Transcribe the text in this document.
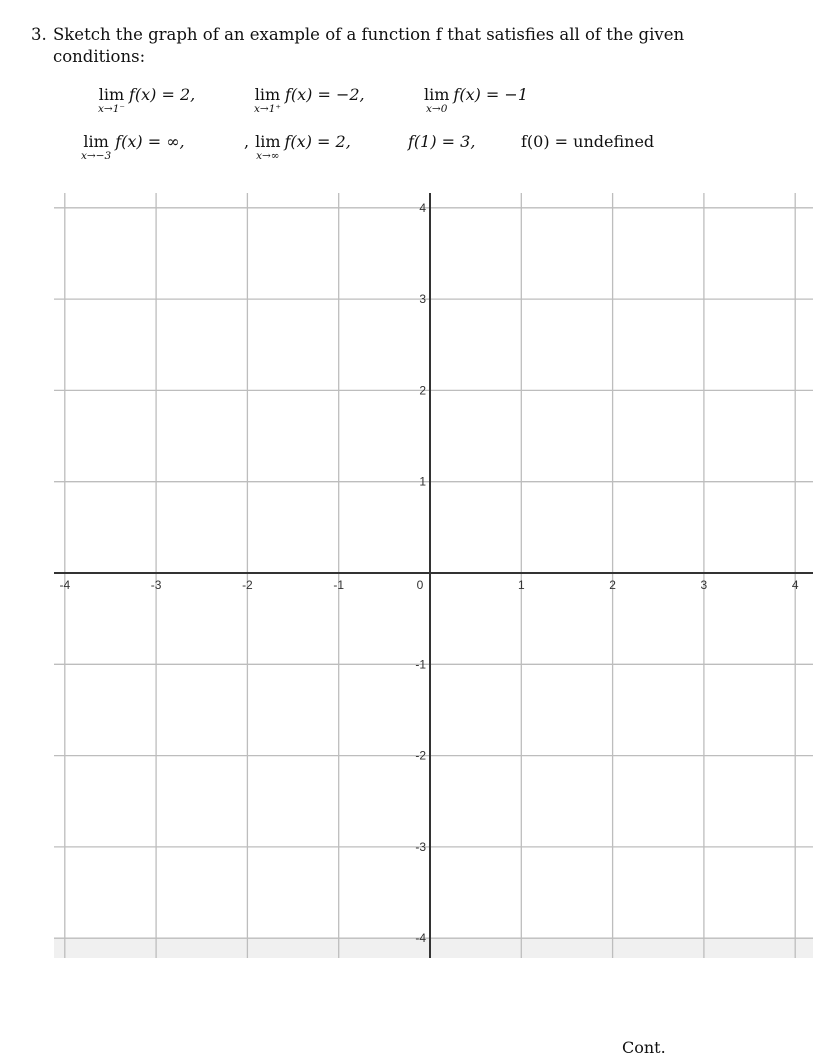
3. Sketch the graph of an example of a function f that satisfies all of the given conditions:
lim
x→1⁻
f(x) = 2,	lim
x→1⁺
f(x) = −2,	lim
x→0
f(x) = −1
lim
x→−3
f(x) = ∞,	, lim
x→∞
f(x) = 2,	f(1) = 3,	f(0) = undefined
-4	-3	-2	-1	0	1	2	3	4
4
3
2
1
-1
-2
-3
-4
Cont.
